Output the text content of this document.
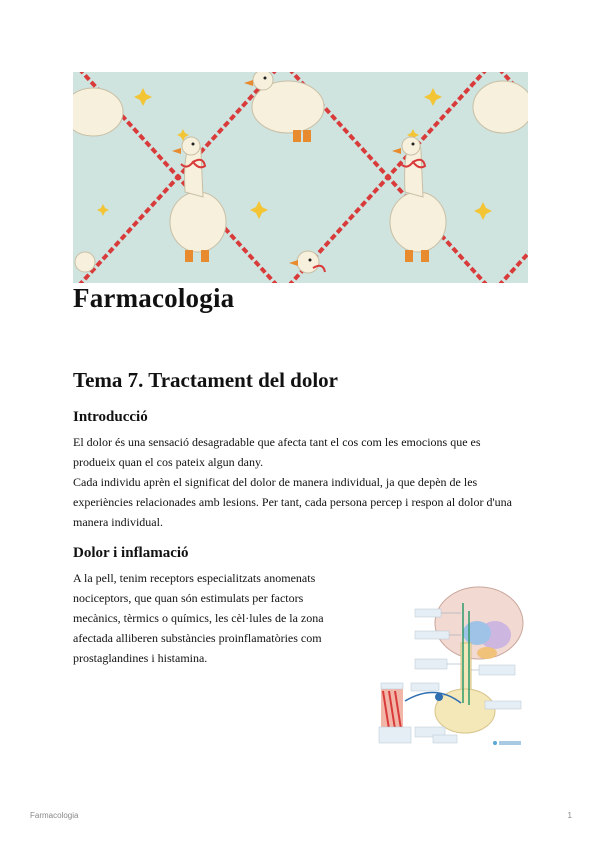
Farmacologia
Tema 7. Tractament del dolor
Introducció

El dolor és una sensació desagradable que afecta tant el cos com les emocions que es produeix quan el cos pateix algun dany.

Cada individu aprèn el significat del dolor de manera individual, ja que depèn de les experiències relacionades amb lesions. Per tant, cada persona percep i respon al dolor d'una manera individual.

Dolor i inflamació

A la pell, tenim receptors especialitzats anomenats nociceptors, que quan són estimulats per factors mecànics, tèrmics o químics, les cèl·lules de la zona afectada alliberen substàncies proinflamatòries com prostaglandines i histamina.

Farmacologia	1
